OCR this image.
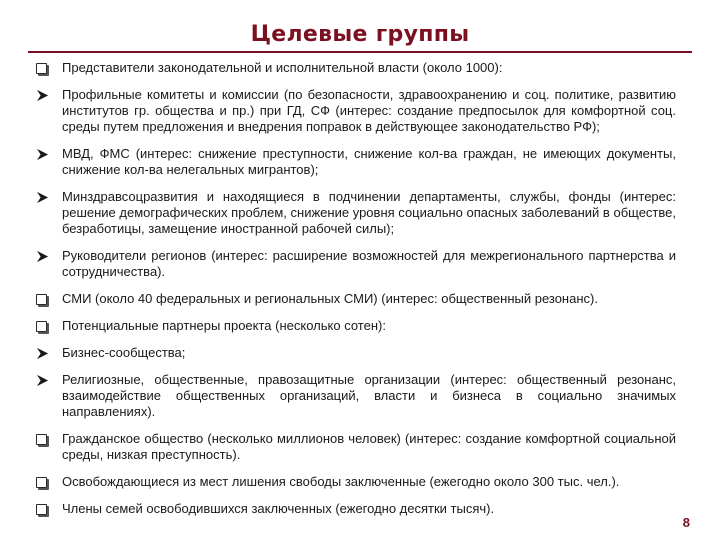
Целевые группы
Представители законодательной и исполнительной власти (около 1000):
Профильные комитеты и комиссии (по безопасности, здравоохранению и соц. политике, развитию институтов гр. общества и пр.) при ГД, СФ (интерес: создание предпосылок для комфортной соц. среды путем предложения и внедрения поправок в действующее законодательство РФ);
МВД, ФМС (интерес: снижение преступности, снижение кол-ва граждан, не имеющих документы, снижение кол-ва нелегальных мигрантов);
Минздравсоцразвития и находящиеся в подчинении департаменты, службы, фонды (интерес: решение демографических проблем, снижение уровня социально опасных заболеваний в обществе, безработицы, замещение иностранной рабочей силы);
Руководители регионов (интерес: расширение возможностей для межрегионального партнерства и сотрудничества).
СМИ (около 40 федеральных и региональных СМИ) (интерес: общественный резонанс).
Потенциальные партнеры проекта (несколько сотен):
Бизнес-сообщества;
Религиозные, общественные, правозащитные организации (интерес: общественный резонанс, взаимодействие общественных организаций, власти и бизнеса в социально значимых направлениях).
Гражданское общество (несколько миллионов человек) (интерес: создание комфортной социальной среды, низкая преступность).
Освобождающиеся из мест лишения свободы заключенные (ежегодно около 300 тыс. чел.).
Члены семей освободившихся заключенных (ежегодно десятки тысяч).
8
